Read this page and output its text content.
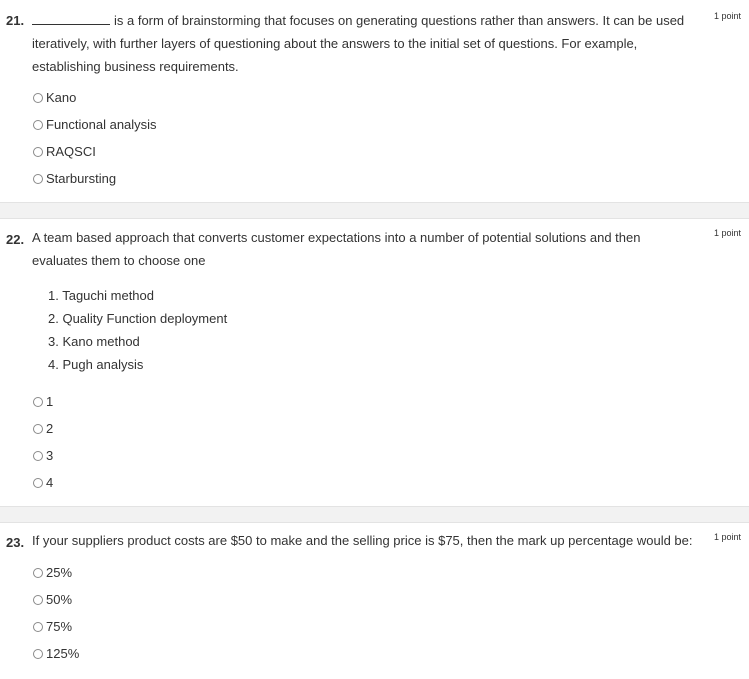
21.	1 point
is a form of brainstorming that focuses on generating questions rather than answers. It can be used iteratively, with further layers of questioning about the answers to the initial set of questions. For example, establishing business requirements.
Kano
Functional analysis
RAQSCI
Starbursting
22.	1 point
A team based approach that converts customer expectations into a number of potential solutions and then evaluates them to choose one
1. Taguchi method
2. Quality Function deployment
3. Kano method
4. Pugh analysis
1
2
3
4
23.	1 point
If your suppliers product costs are $50 to make and the selling price is $75, then the mark up percentage would be:
25%
50%
75%
125%
